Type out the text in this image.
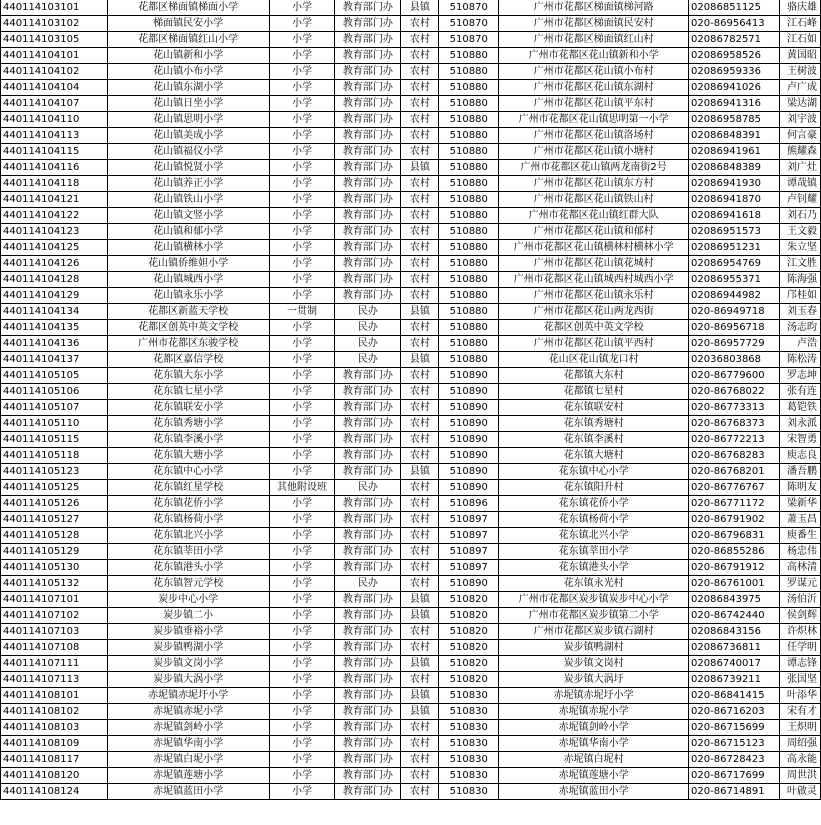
440114103101	花都区梯面镇梯面小学	小学	教育部门办	县镇	510870	广州市花都区梯面镇梯河路	02086851125	骆庆雄
440114103102	梯面镇民安小学	小学	教育部门办	农村	510870	广州市花都区梯面镇民安村	020-86956413	江石峰
440114103105	花都区梯面镇红山小学	小学	教育部门办	农村	510870	广州市花都区梯面镇红山村	02086782571	江石如
440114104101	花山镇新和小学	小学	教育部门办	农村	510880	广州市花都区花山镇新和小学	02086958526	黄国昭
440114104102	花山镇小布小学	小学	教育部门办	农村	510880	广州市花都区花山镇小布村	02086959336	王树波
440114104104	花山镇东湖小学	小学	教育部门办	农村	510880	广州市花都区花山镇东湖村	02086941026	卢广成
440114104107	花山镇日坐小学	小学	教育部门办	农村	510880	广州市花都区花山镇平东村	02086941316	梁达湖
440114104110	花山镇思明小学	小学	教育部门办	农村	510880	广州市花都区花山镇思明第一小学	02086958785	刘宇波
440114104113	花山镇美成小学	小学	教育部门办	农村	510880	广州市花都区花山镇洛场村	02086848391	何言豪
440114104115	花山镇福仪小学	小学	教育部门办	农村	510880	广州市花都区花山镇小塘村	02086941961	熊耀森
440114104116	花山镇悦贤小学	小学	教育部门办	县镇	510880	广州市花都区花山镇两龙南街2号	02086848389	刘广灶
440114104118	花山镇养正小学	小学	教育部门办	农村	510880	广州市花都区花山镇东方村	02086941930	谭哉镇
440114104121	花山镇铁山小学	小学	教育部门办	农村	510880	广州市花都区花山镇铁山村	02086941870	卢钊耀
440114104122	花山镇文竖小学	小学	教育部门办	农村	510880	广州市花都区花山镇红群大队	02086941618	刘石乃
440114104123	花山镇和郁小学	小学	教育部门办	农村	510880	广州市花都区花山镇和郁村	02086951573	王文毅
440114104125	花山镇横林小学	小学	教育部门办	农村	510880	广州市花都区花山镇横林村横林小学	02086951231	朱立坚
440114104126	花山镇侨维妲小学	小学	教育部门办	农村	510880	广州市花都区花山镇花城村	02086954769	江文胜
440114104128	花山镇城西小学	小学	教育部门办	农村	510880	广州市花都区花山镇城西村城西小学	02086955371	陈海强
440114104129	花山镇永乐小学	小学	教育部门办	农村	510880	广州市花都区花山镇永乐村	02086944982	邝桂如
440114104134	花都区新蓝天学校	一贯制	民办	县镇	510880	广州市花都区花山两龙西街	020-86949718	刘玉春
440114104135	花都区创英中英文学校	小学	民办	农村	510880	花都区创英中英文学校	020-86956718	汤志昀
440114104136	广州市花都区东骏学校	小学	民办	农村	510880	广州市花都区花山镇平西村	020-86957729	卢浩
440114104137	花都区嘉信学校	小学	民办	县镇	510880	花山区花山镇龙口村	02036803868	陈松涛
440114105105	花东镇大东小学	小学	教育部门办	农村	510890	花都镇大东村	020-86779600	罗志坤
440114105106	花东镇七星小学	小学	教育部门办	农村	510890	花都镇七星村	020-86768022	张有连
440114105107	花东镇联安小学	小学	教育部门办	农村	510890	花东镇联安村	020-86773313	葛铠铁
440114105110	花东镇秀塘小学	小学	教育部门办	农村	510890	花东镇秀塘村	020-86768373	刘永派
440114105115	花东镇李溪小学	小学	教育部门办	农村	510890	花东镇李溪村	020-86772213	宋智勇
440114105118	花东镇大塘小学	小学	教育部门办	农村	510890	花东镇大塘村	020-86768283	庾志良
440114105123	花东镇中心小学	小学	教育部门办	县镇	510890	花东镇中心小学	020-86768201	潘吾鹏
440114105125	花东镇红星学校	其他附设班	民办	农村	510890	花东镇阳升村	020-86776767	陈明友
440114105126	花东镇花侨小学	小学	教育部门办	农村	510896	花东镇花侨小学	020-86771172	梁新华
440114105127	花东镇杨荷小学	小学	教育部门办	农村	510897	花东镇杨荷小学	020-86791902	萧玉昌
440114105128	花东镇北兴小学	小学	教育部门办	农村	510897	花东镇北兴小学	020-86796831	庾番生
440114105129	花东镇莘田小学	小学	教育部门办	农村	510897	花东镇莘田小学	020-86855286	杨忠伟
440114105130	花东镇港头小学	小学	教育部门办	农村	510897	花东镇港头小学	020-86791912	高林清
440114105132	花东镇智元学校	小学	民办	农村	510890	花东镇永光村	020-86761001	罗谋元
440114107101	炭步中心小学	小学	教育部门办	县镇	510820	广州市花都区炭步镇炭步中心小学	02086843975	汤伯沂
440114107102	炭步镇二小	小学	教育部门办	县镇	510820	广州市花都区炭步镇第二小学	020-86742440	侯剑辉
440114107103	炭步镇垂裕小学	小学	教育部门办	农村	510820	广州市花都区炭步镇石湖村	02086843156	许炽林
440114107108	炭步镇鸭湖小学	小学	教育部门办	农村	510820	炭步镇鸭湖村	02086736811	任学明
440114107111	炭步镇文岗小学	小学	教育部门办	县镇	510820	炭步镇文岗村	02086740017	谭志锋
440114107113	炭步镇大涡小学	小学	教育部门办	农村	510820	炭步镇大涡圩	02086739211	张国坚
440114108101	赤坭镇赤坭圩小学	小学	教育部门办	县镇	510830	赤坭镇赤坭圩小学	020-86841415	叶添华
440114108102	赤坭镇赤坭小学	小学	教育部门办	县镇	510830	赤坭镇赤坭小学	020-86716203	宋有才
440114108103	赤坭镇剑岭小学	小学	教育部门办	农村	510830	赤坭镇剑岭小学	020-86715699	王炽明
440114108109	赤坭镇华南小学	小学	教育部门办	农村	510830	赤坭镇华南小学	020-86715123	周绍强
440114108117	赤坭镇白坭小学	小学	教育部门办	农村	510830	赤坭镇白坭村	020-86728423	高永能
440114108120	赤坭镇莲塘小学	小学	教育部门办	农村	510830	赤坭镇莲塘小学	020-86717699	周世洪
440114108124	赤坭镇蓝田小学	小学	教育部门办	农村	510830	赤坭镇蓝田小学	020-86714891	叶啟灵
